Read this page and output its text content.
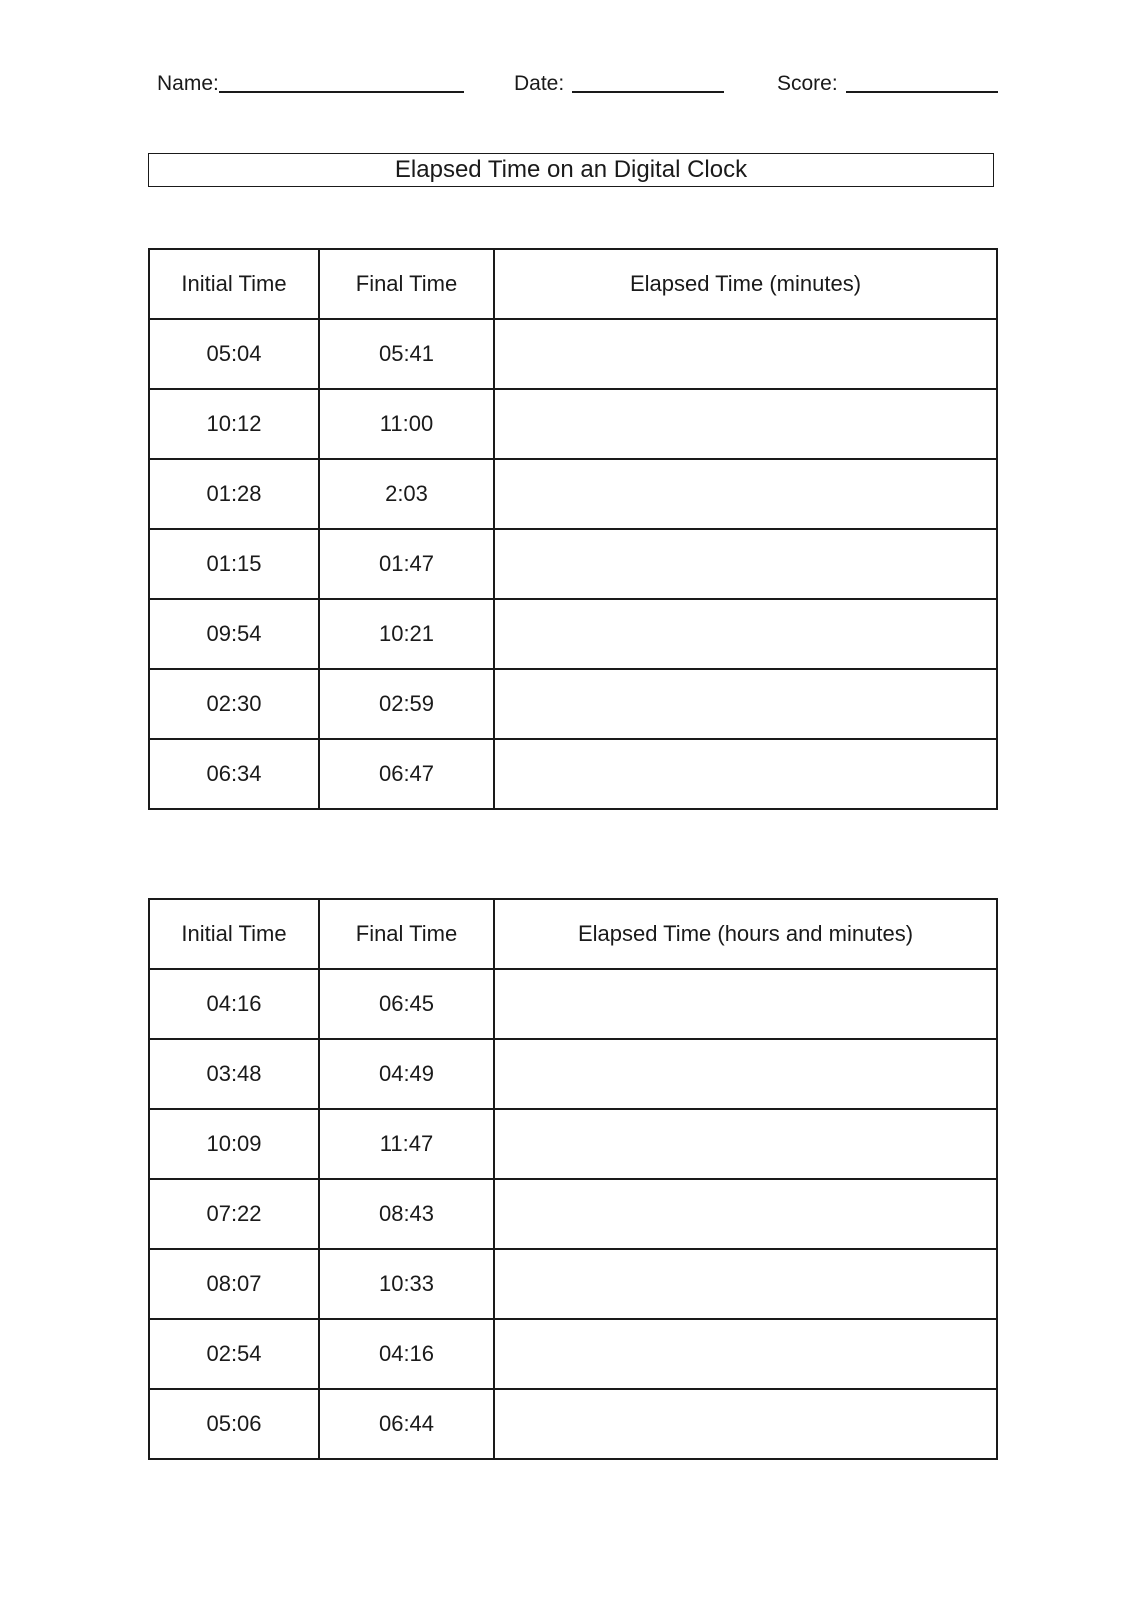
Name:	Date:	Score:
Elapsed Time on an Digital Clock
Initial Time	Final Time	Elapsed Time (minutes)
05:04	05:41	
10:12	11:00	
01:28	2:03	
01:15	01:47	
09:54	10:21	
02:30	02:59	
06:34	06:47	
Initial Time	Final Time	Elapsed Time (hours and minutes)
04:16	06:45	
03:48	04:49	
10:09	11:47	
07:22	08:43	
08:07	10:33	
02:54	04:16	
05:06	06:44	
